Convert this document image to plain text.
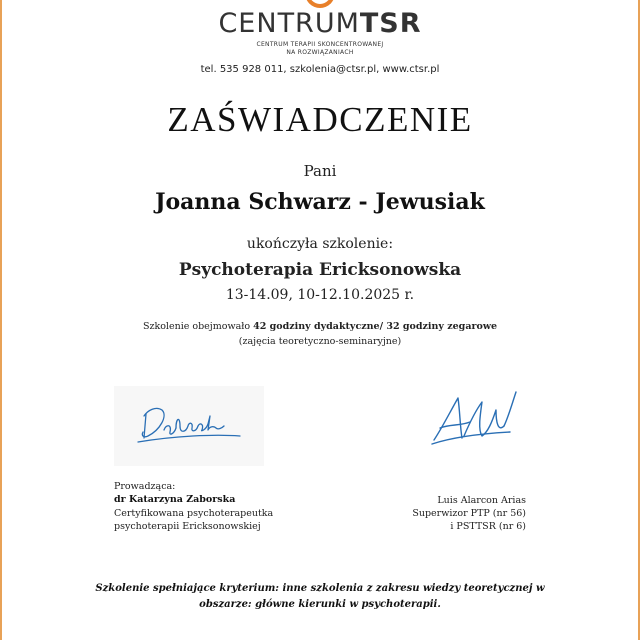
CENTRUMTSR
CENTRUM TERAPII SKONCENTROWANEJ
NA ROZWIĄZANIACH
tel. 535 928 011, szkolenia@ctsr.pl, www.ctsr.pl
ZAŚWIADCZENIE
Pani
Joanna Schwarz - Jewusiak
ukończyła szkolenie:
Psychoterapia Ericksonowska
13-14.09, 10-12.10.2025 r.
Szkolenie obejmowało 42 godziny dydaktyczne/ 32 godziny zegarowe
(zajęcia teoretyczno-seminaryjne)
Prowadząca:
dr Katarzyna Zaborska
Certyfikowana psychoterapeutka
psychoterapii Ericksonowskiej
Luis Alarcon Arias
Superwizor PTP (nr 56)
i PSTTSR (nr 6)
Szkolenie spełniające kryterium: inne szkolenia z zakresu wiedzy teoretycznej w obszarze: główne kierunki w psychoterapii.
